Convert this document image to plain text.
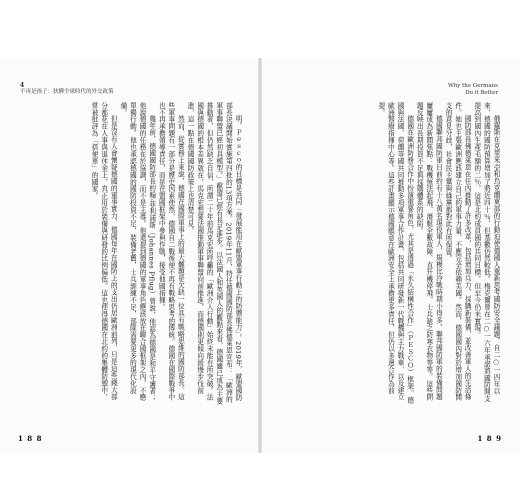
4
不再是孩子：狄驊全球時代的外交政策

明。Ｐｅｓｃｏ的目標是共同「發展能用在歐盟軍事行動上的防禦能力」。2019年，歐盟國防部長決議開始實施第四批的13項方案。2019年11月，特任德國國防部長佛德萊恩宣布：「歐洲的軍事聯盟已經初具模型。」歐盟已經有長足進步。以法國人和英國人的觀點來看，德國雖已成為主要推動者，但仍然缺乏自信，所謂二十年前馬克宏所呼籲的「歐洲介入行動」始終未能有所突破。法國與德國的根本差異就在，馬克宏想要法國推動軍事聯盟向前推進，而德國則更傾向緩慢步伐前進，這一點在德國國防政策上也清楚可見。

然而，從實務上來說，德國在國際軍事上的最大難題是欠缺一位具有戰略思維的國防部長。這些軍事問題有一部分是歷史因素使然，德國自二戰後便不再有戰略思考的傳統。德國在國際戰爭中也不再承擔領導責任，而是在盟國框架中參與作戰，接受他國指揮。

幾年前，德國國防部長約翰·菲利浦斯（Johannes Pflug）曾說，他認為德國是和平守護者；他說德國的任務在於協調，而不是主導。他還提到德國的軍事角色應該放在聯合國框架之內，不應單獨行動。他也承認德國的國防投資不足，裝備老舊，士兵訓練不足，部隊需要更多的現代化設備。

但是沒有人會懷疑德國的軍事實力，德國每年在國防上的支出仍居歐洲前列，只是這些錢大部分都花在人事與退休金上，真正用於裝備與研發的比例偏低。這也使得德國在北約的集體防禦中，常被批評為「搭便車」的國家。

1 8 8
Why the Germans
Do it Better

俄羅斯在克里米亞和烏克蘭東部的行動迫使德國人重新思考國防安全議題。自二○一四年以來，德國的國防預算增加了將近四十％，但基數仍然較低。梅克爾曾在二○一六年承諾將國防開支提高到國內生產毛額的二％，這是北約成員國的共同目標，但至今仍未實現。

國防部長佛德萊恩在任內推動了許多改革，包括增加兵力、採購新裝備，並改善軍人的生活條件。她也主張歐洲應該建立自己的軍事力量，不應完全依賴美國。然而，德國國內對於增加國防開支的意見分歧，社會民主黨與綠黨都對此有所保留。

德國聯邦國防軍目前約有十八萬名現役軍人，規模比冷戰時期小得多。聯邦國防軍的裝備問題屢屢成為新聞焦點：戰機無法起飛、潛艇全數故障、直升機停飛、士兵缺乏防寒衣物等等。這些問題反映出長期投資不足與採購體系的缺陷。

德國在歐洲防務合作中扮演重要角色，尤其是透過「永久結構性合作」（ＰＥＳＣＯ）框架。德國與法國、荷蘭等國共同推動多項軍事合作計畫，包括共同研發新一代戰機與主力戰車，以及建立歐洲醫療指揮中心等。這些計畫顯示德國願意在歐洲安全上承擔更多責任，但仍以多邊合作為前提。

1 8 9
